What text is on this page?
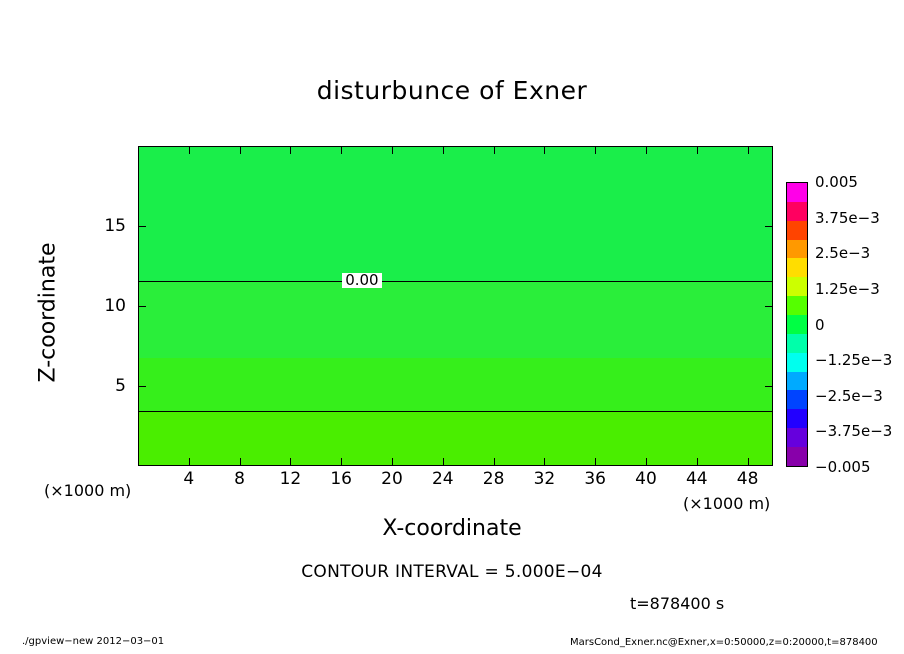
disturbunce of Exner
0.00
X-coordinate
Z-coordinate
(×1000 m)
(×1000 m)
CONTOUR INTERVAL = 5.000E−04
t=878400 s
./gpview−new 2012−03−01	MarsCond_Exner.nc@Exner,x=0:50000,z=0:20000,t=878400
4	8	12	16	20	24	28	32	36	40	44	48
5
10
15
0.005
3.75e−3
2.5e−3
1.25e−3
0
−1.25e−3
−2.5e−3
−3.75e−3
−0.005
